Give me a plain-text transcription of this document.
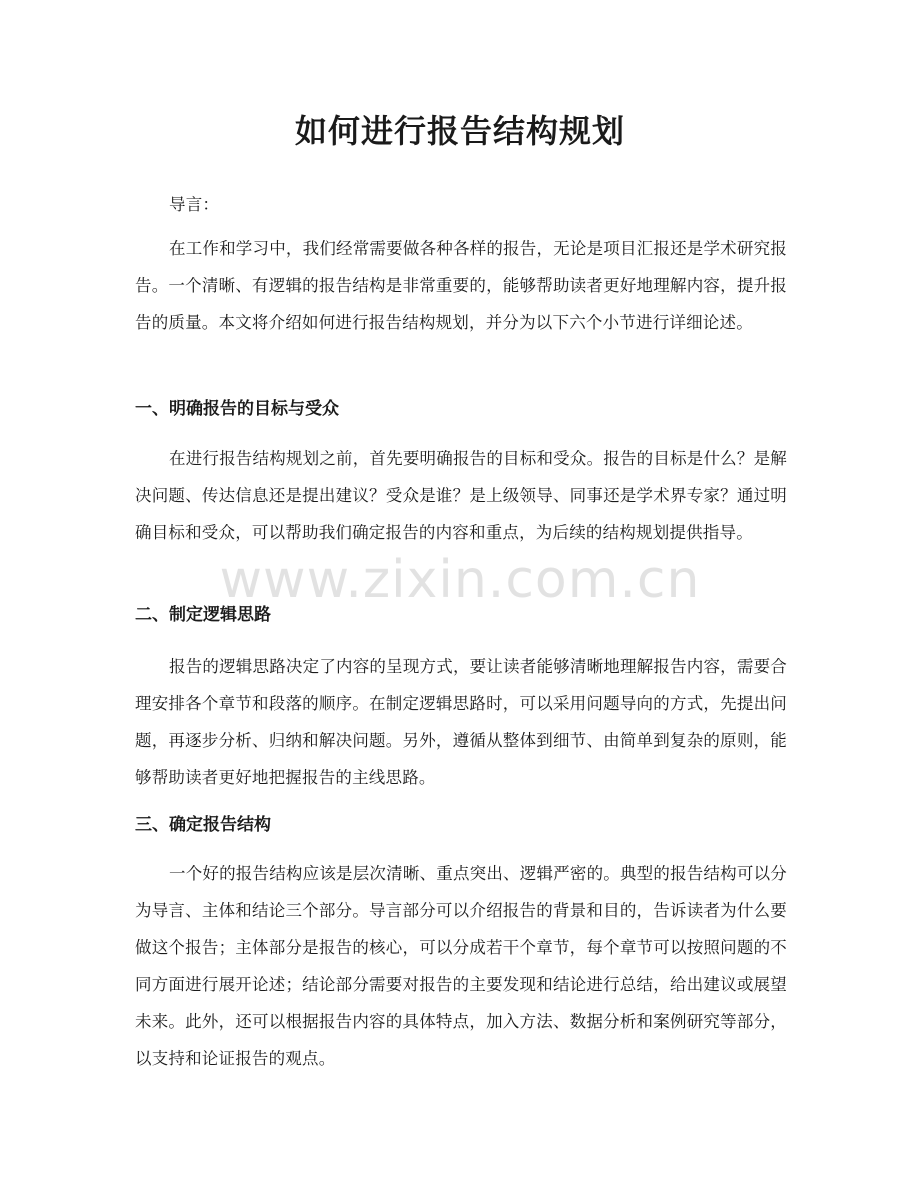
如何进行报告结构规划

导言：

在工作和学习中，我们经常需要做各种各样的报告，无论是项目汇报还是学术研究报告。一个清晰、有逻辑的报告结构是非常重要的，能够帮助读者更好地理解内容，提升报告的质量。本文将介绍如何进行报告结构规划，并分为以下六个小节进行详细论述。

一、明确报告的目标与受众

在进行报告结构规划之前，首先要明确报告的目标和受众。报告的目标是什么？是解决问题、传达信息还是提出建议？受众是谁？是上级领导、同事还是学术界专家？通过明确目标和受众，可以帮助我们确定报告的内容和重点，为后续的结构规划提供指导。

二、制定逻辑思路

报告的逻辑思路决定了内容的呈现方式，要让读者能够清晰地理解报告内容，需要合理安排各个章节和段落的顺序。在制定逻辑思路时，可以采用问题导向的方式，先提出问题，再逐步分析、归纳和解决问题。另外，遵循从整体到细节、由简单到复杂的原则，能够帮助读者更好地把握报告的主线思路。

三、确定报告结构

一个好的报告结构应该是层次清晰、重点突出、逻辑严密的。典型的报告结构可以分为导言、主体和结论三个部分。导言部分可以介绍报告的背景和目的，告诉读者为什么要做这个报告；主体部分是报告的核心，可以分成若干个章节，每个章节可以按照问题的不同方面进行展开论述；结论部分需要对报告的主要发现和结论进行总结，给出建议或展望未来。此外，还可以根据报告内容的具体特点，加入方法、数据分析和案例研究等部分，以支持和论证报告的观点。

www.zixin.com.cn
